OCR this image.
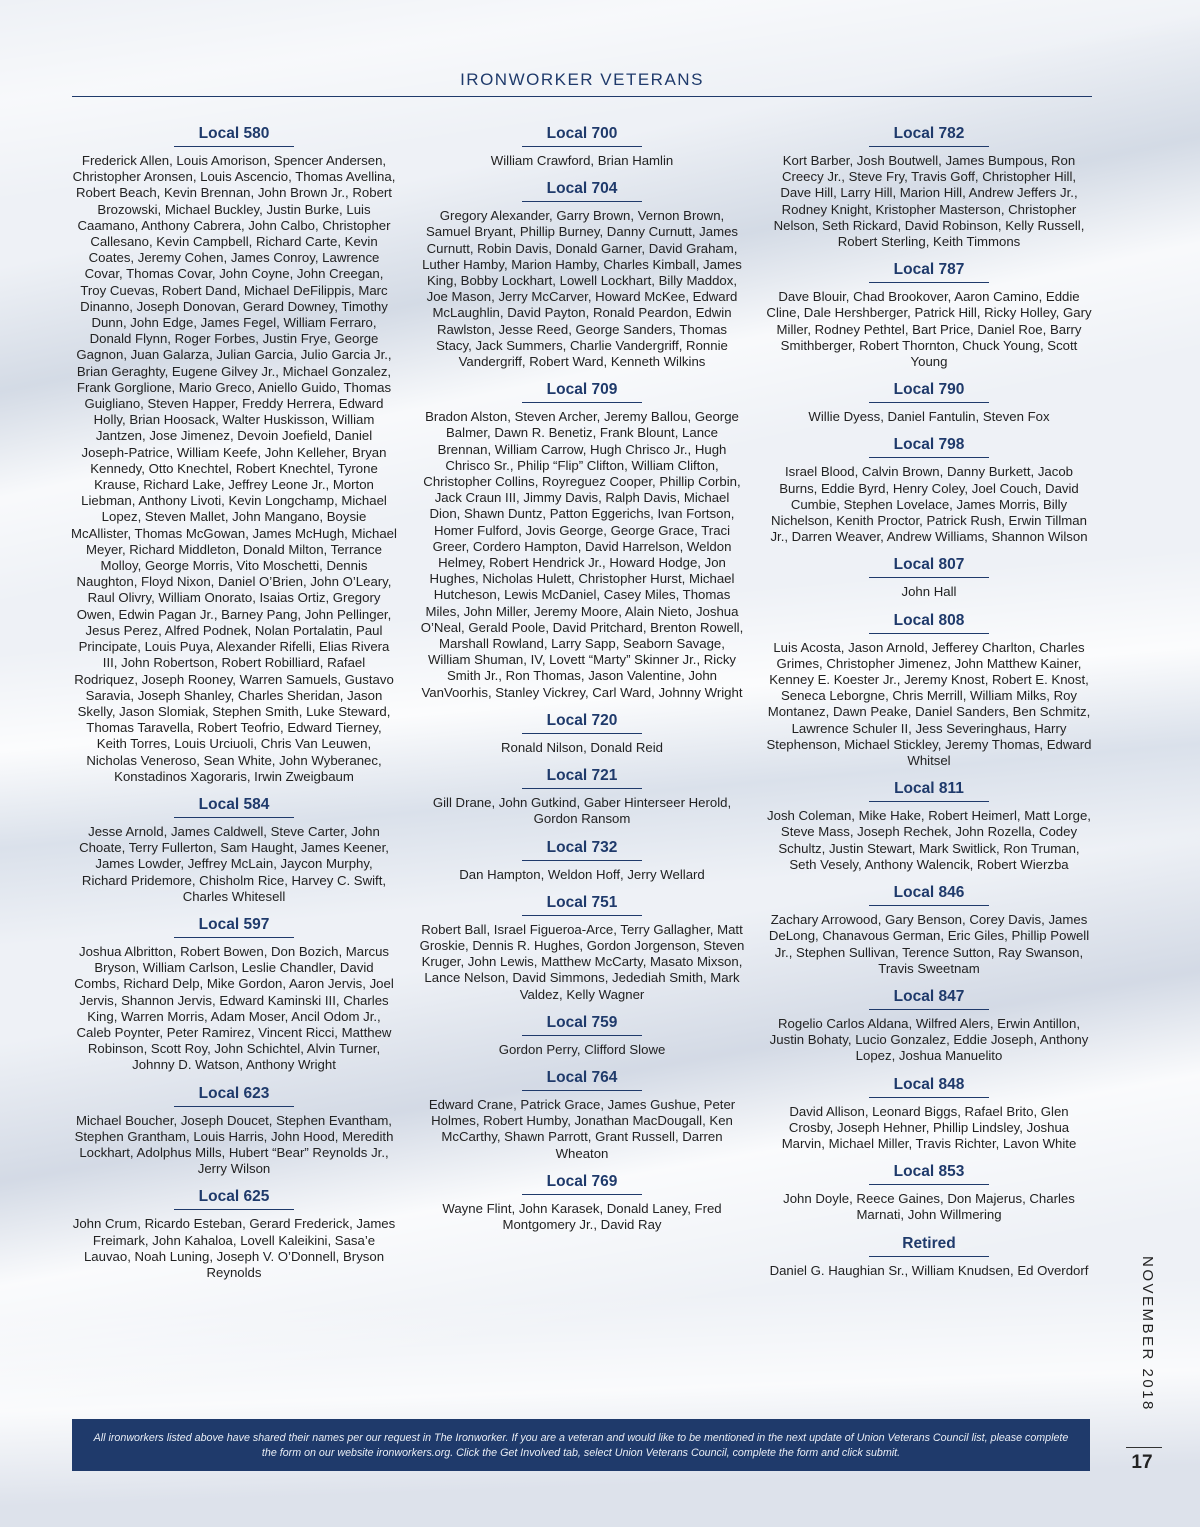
IRONWORKER VETERANS
Local 580

Frederick Allen, Louis Amorison, Spencer Andersen, Christopher Aronsen, Louis Ascencio, Thomas Avellina, Robert Beach, Kevin Brennan, John Brown Jr., Robert Brozowski, Michael Buckley, Justin Burke, Luis Caamano, Anthony Cabrera, John Calbo, Christopher Callesano, Kevin Campbell, Richard Carte, Kevin Coates, Jeremy Cohen, James Conroy, Lawrence Covar, Thomas Covar, John Coyne, John Creegan, Troy Cuevas, Robert Dand, Michael DeFilippis, Marc Dinanno, Joseph Donovan, Gerard Downey, Timothy Dunn, John Edge, James Fegel, William Ferraro, Donald Flynn, Roger Forbes, Justin Frye, George Gagnon, Juan Galarza, Julian Garcia, Julio Garcia Jr., Brian Geraghty, Eugene Gilvey Jr., Michael Gonzalez, Frank Gorglione, Mario Greco, Aniello Guido, Thomas Guigliano, Steven Happer, Freddy Herrera, Edward Holly, Brian Hoosack, Walter Huskisson, William Jantzen, Jose Jimenez, Devoin Joefield, Daniel Joseph-Patrice, William Keefe, John Kelleher, Bryan Kennedy, Otto Knechtel, Robert Knechtel, Tyrone Krause, Richard Lake, Jeffrey Leone Jr., Morton Liebman, Anthony Livoti, Kevin Longchamp, Michael Lopez, Steven Mallet, John Mangano, Boysie McAllister, Thomas McGowan, James McHugh, Michael Meyer, Richard Middleton, Donald Milton, Terrance Molloy, George Morris, Vito Moschetti, Dennis Naughton, Floyd Nixon, Daniel O’Brien, John O’Leary, Raul Olivry, William Onorato, Isaias Ortiz, Gregory Owen, Edwin Pagan Jr., Barney Pang, John Pellinger, Jesus Perez, Alfred Podnek, Nolan Portalatin, Paul Principate, Louis Puya, Alexander Rifelli, Elias Rivera III, John Robertson, Robert Robilliard, Rafael Rodriquez, Joseph Rooney, Warren Samuels, Gustavo Saravia, Joseph Shanley, Charles Sheridan, Jason Skelly, Jason Slomiak, Stephen Smith, Luke Steward, Thomas Taravella, Robert Teofrio, Edward Tierney, Keith Torres, Louis Urciuoli, Chris Van Leuwen, Nicholas Veneroso, Sean White, John Wyberanec, Konstadinos Xagoraris, Irwin Zweigbaum

Local 584

Jesse Arnold, James Caldwell, Steve Carter, John Choate, Terry Fullerton, Sam Haught, James Keener, James Lowder, Jeffrey McLain, Jaycon Murphy, Richard Pridemore, Chisholm Rice, Harvey C. Swift, Charles Whitesell

Local 597

Joshua Albritton, Robert Bowen, Don Bozich, Marcus Bryson, William Carlson, Leslie Chandler, David Combs, Richard Delp, Mike Gordon, Aaron Jervis, Joel Jervis, Shannon Jervis, Edward Kaminski III, Charles King, Warren Morris, Adam Moser, Ancil Odom Jr., Caleb Poynter, Peter Ramirez, Vincent Ricci, Matthew Robinson, Scott Roy, John Schichtel, Alvin Turner, Johnny D. Watson, Anthony Wright

Local 623

Michael Boucher, Joseph Doucet, Stephen Evantham, Stephen Grantham, Louis Harris, John Hood, Meredith Lockhart, Adolphus Mills, Hubert “Bear” Reynolds Jr., Jerry Wilson

Local 625

John Crum, Ricardo Esteban, Gerard Frederick, James Freimark, John Kahaloa, Lovell Kaleikini, Sasa’e Lauvao, Noah Luning, Joseph V. O’Donnell, Bryson Reynolds

Local 700

William Crawford, Brian Hamlin

Local 704

Gregory Alexander, Garry Brown, Vernon Brown, Samuel Bryant, Phillip Burney, Danny Curnutt, James Curnutt, Robin Davis, Donald Garner, David Graham, Luther Hamby, Marion Hamby, Charles Kimball, James King, Bobby Lockhart, Lowell Lockhart, Billy Maddox, Joe Mason, Jerry McCarver, Howard McKee, Edward McLaughlin, David Payton, Ronald Peardon, Edwin Rawlston, Jesse Reed, George Sanders, Thomas Stacy, Jack Summers, Charlie Vandergriff, Ronnie Vandergriff, Robert Ward, Kenneth Wilkins

Local 709

Bradon Alston, Steven Archer, Jeremy Ballou, George Balmer, Dawn R. Benetiz, Frank Blount, Lance Brennan, William Carrow, Hugh Chrisco Jr., Hugh Chrisco Sr., Philip “Flip” Clifton, William Clifton, Christopher Collins, Royreguez Cooper, Phillip Corbin, Jack Craun III, Jimmy Davis, Ralph Davis, Michael Dion, Shawn Duntz, Patton Eggerichs, Ivan Fortson, Homer Fulford, Jovis George, George Grace, Traci Greer, Cordero Hampton, David Harrelson, Weldon Helmey, Robert Hendrick Jr., Howard Hodge, Jon Hughes, Nicholas Hulett, Christopher Hurst, Michael Hutcheson, Lewis McDaniel, Casey Miles, Thomas Miles, John Miller, Jeremy Moore, Alain Nieto, Joshua O’Neal, Gerald Poole, David Pritchard, Brenton Rowell, Marshall Rowland, Larry Sapp, Seaborn Savage, William Shuman, IV, Lovett “Marty” Skinner Jr., Ricky Smith Jr., Ron Thomas, Jason Valentine, John VanVoorhis, Stanley Vickrey, Carl Ward, Johnny Wright

Local 720

Ronald Nilson, Donald Reid

Local 721

Gill Drane, John Gutkind, Gaber Hinterseer Herold, Gordon Ransom

Local 732

Dan Hampton, Weldon Hoff, Jerry Wellard

Local 751

Robert Ball, Israel Figueroa-Arce, Terry Gallagher, Matt Groskie, Dennis R. Hughes, Gordon Jorgenson, Steven Kruger, John Lewis, Matthew McCarty, Masato Mixson, Lance Nelson, David Simmons, Jedediah Smith, Mark Valdez, Kelly Wagner

Local 759

Gordon Perry, Clifford Slowe

Local 764

Edward Crane, Patrick Grace, James Gushue, Peter Holmes, Robert Humby, Jonathan MacDougall, Ken McCarthy, Shawn Parrott, Grant Russell, Darren Wheaton

Local 769

Wayne Flint, John Karasek, Donald Laney, Fred Montgomery Jr., David Ray

Local 782

Kort Barber, Josh Boutwell, James Bumpous, Ron Creecy Jr., Steve Fry, Travis Goff, Christopher Hill, Dave Hill, Larry Hill, Marion Hill, Andrew Jeffers Jr., Rodney Knight, Kristopher Masterson, Christopher Nelson, Seth Rickard, David Robinson, Kelly Russell, Robert Sterling, Keith Timmons

Local 787

Dave Blouir, Chad Brookover, Aaron Camino, Eddie Cline, Dale Hershberger, Patrick Hill, Ricky Holley, Gary Miller, Rodney Pethtel, Bart Price, Daniel Roe, Barry Smithberger, Robert Thornton, Chuck Young, Scott Young

Local 790

Willie Dyess, Daniel Fantulin, Steven Fox

Local 798

Israel Blood, Calvin Brown, Danny Burkett, Jacob Burns, Eddie Byrd, Henry Coley, Joel Couch, David Cumbie, Stephen Lovelace, James Morris, Billy Nichelson, Kenith Proctor, Patrick Rush, Erwin Tillman Jr., Darren Weaver, Andrew Williams, Shannon Wilson

Local 807

John Hall

Local 808

Luis Acosta, Jason Arnold, Jefferey Charlton, Charles Grimes, Christopher Jimenez, John Matthew Kainer, Kenney E. Koester Jr., Jeremy Knost, Robert E. Knost, Seneca Leborgne, Chris Merrill, William Milks, Roy Montanez, Dawn Peake, Daniel Sanders, Ben Schmitz, Lawrence Schuler II, Jess Severinghaus, Harry Stephenson, Michael Stickley, Jeremy Thomas, Edward Whitsel

Local 811

Josh Coleman, Mike Hake, Robert Heimerl, Matt Lorge, Steve Mass, Joseph Rechek, John Rozella, Codey Schultz, Justin Stewart, Mark Switlick, Ron Truman, Seth Vesely, Anthony Walencik, Robert Wierzba

Local 846

Zachary Arrowood, Gary Benson, Corey Davis, James DeLong, Chanavous German, Eric Giles, Phillip Powell Jr., Stephen Sullivan, Terence Sutton, Ray Swanson, Travis Sweetnam

Local 847

Rogelio Carlos Aldana, Wilfred Alers, Erwin Antillon, Justin Bohaty, Lucio Gonzalez, Eddie Joseph, Anthony Lopez, Joshua Manuelito

Local 848

David Allison, Leonard Biggs, Rafael Brito, Glen Crosby, Joseph Hehner, Phillip Lindsley, Joshua Marvin, Michael Miller, Travis Richter, Lavon White

Local 853

John Doyle, Reece Gaines, Don Majerus, Charles Marnati, John Willmering

Retired

Daniel G. Haughian Sr., William Knudsen, Ed Overdorf

All ironworkers listed above have shared their names per our request in The Ironworker. If you are a veteran and would like to be mentioned in the next update of Union Veterans Council list, please complete the form on our website ironworkers.org. Click the Get Involved tab, select Union Veterans Council, complete the form and click submit.

NOVEMBER 2018
17
